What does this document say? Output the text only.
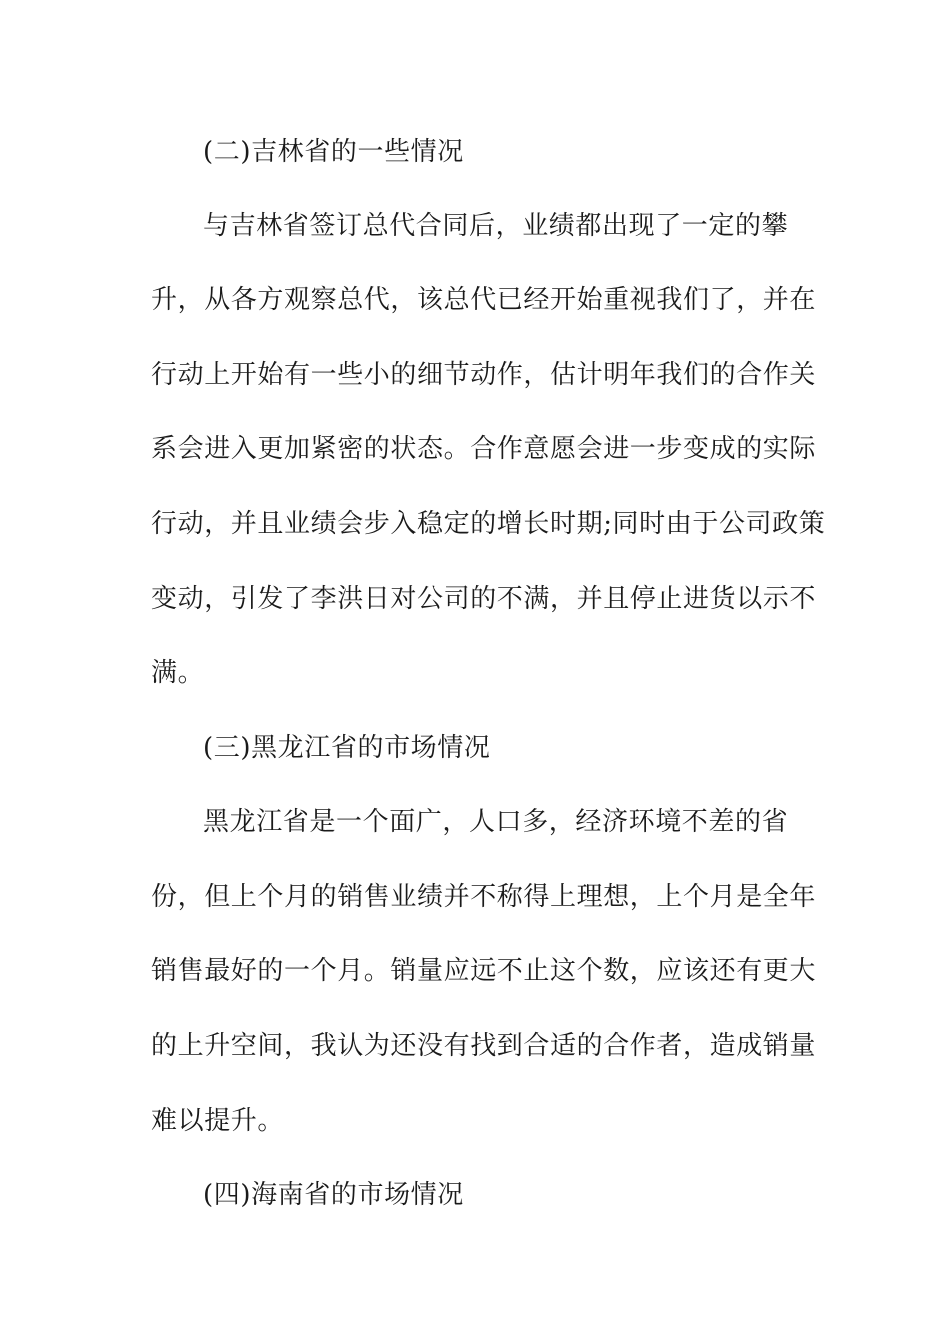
(二)吉林省的一些情况
与吉林省签订总代合同后，业绩都出现了一定的攀
升，从各方观察总代，该总代已经开始重视我们了，并在
行动上开始有一些小的细节动作，估计明年我们的合作关
系会进入更加紧密的状态。合作意愿会进一步变成的实际
行动，并且业绩会步入稳定的增长时期;同时由于公司政策
变动，引发了李洪日对公司的不满，并且停止进货以示不
满。
(三)黑龙江省的市场情况
黑龙江省是一个面广，人口多，经济环境不差的省
份，但上个月的销售业绩并不称得上理想，上个月是全年
销售最好的一个月。销量应远不止这个数，应该还有更大
的上升空间，我认为还没有找到合适的合作者，造成销量
难以提升。
(四)海南省的市场情况
